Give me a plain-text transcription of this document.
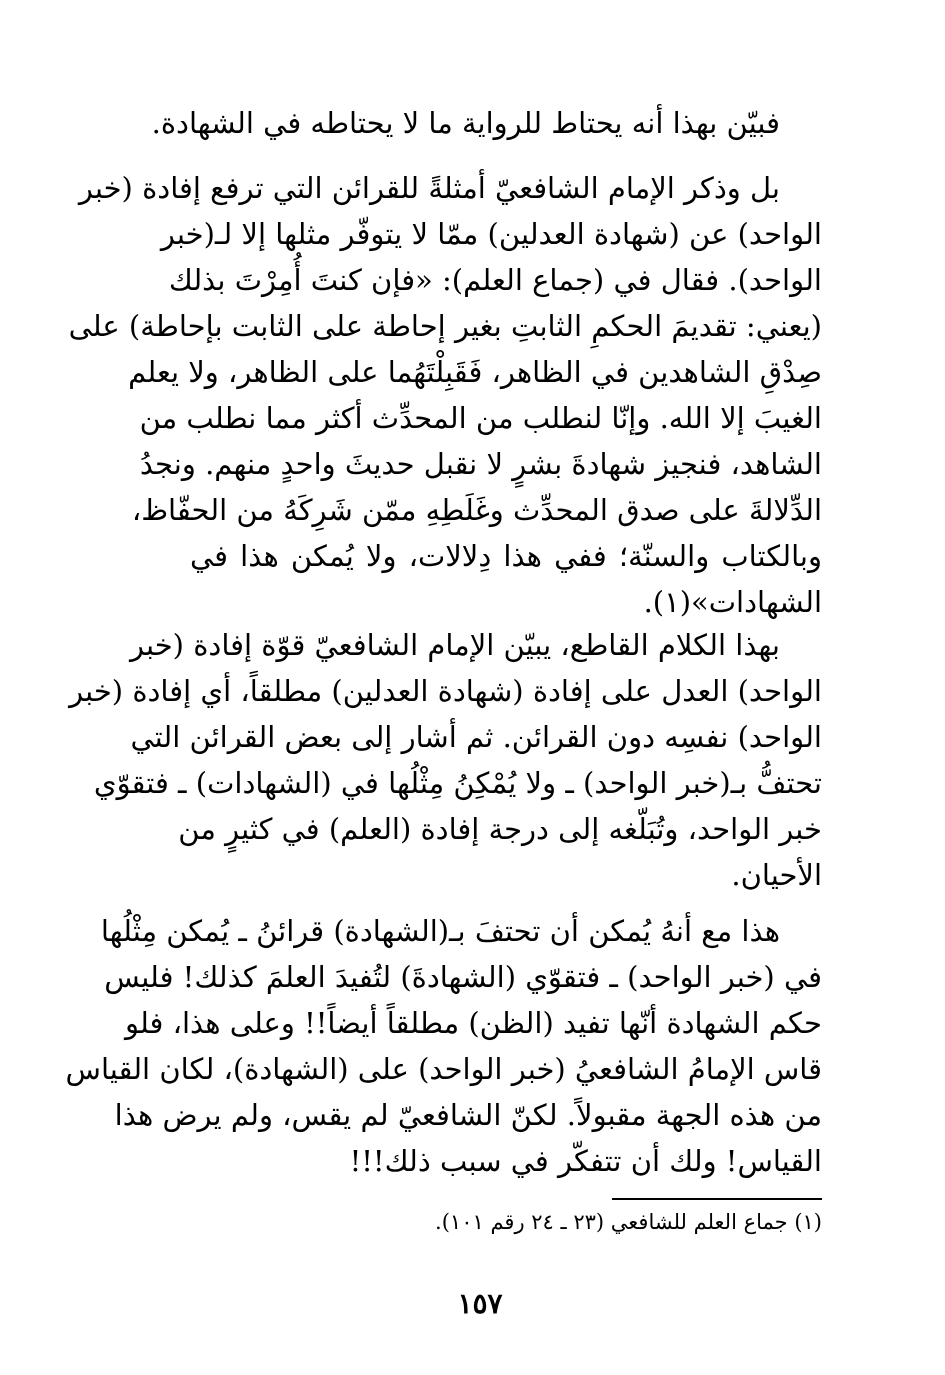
فبيّن بهذا أنه يحتاط للرواية ما لا يحتاطه في الشهادة.
بل وذكر الإمام الشافعيّ أمثلةً للقرائن التي ترفع إفادة (خبر
الواحد) عن (شهادة العدلين) ممّا لا يتوفّر مثلها إلا لـ(خبر
الواحد). فقال في (جماع العلم): «فإن كنتَ أُمِرْتَ بذلك
(يعني: تقديمَ الحكمِ الثابتِ بغير إحاطة على الثابت بإحاطة) على
صِدْقِ الشاهدين في الظاهر، فَقَبِلْتَهُما على الظاهر، ولا يعلم
الغيبَ إلا الله. وإنّا لنطلب من المحدِّث أكثر مما نطلب من
الشاهد، فنجيز شهادةَ بشرٍ لا نقبل حديثَ واحدٍ منهم. ونجدُ
الدِّلالةَ على صدق المحدِّث وغَلَطِهِ ممّن شَرِكَهُ من الحفّاظ،
وبالكتاب والسنّة؛ ففي هذا دِلالات، ولا يُمكن هذا في
الشهادات»(١).
بهذا الكلام القاطع، يبيّن الإمام الشافعيّ قوّة إفادة (خبر
الواحد) العدل على إفادة (شهادة العدلين) مطلقاً، أي إفادة (خبر
الواحد) نفسِه دون القرائن. ثم أشار إلى بعض القرائن التي
تحتفُّ بـ(خبر الواحد) ـ ولا يُمْكِنُ مِثْلُها في (الشهادات) ـ فتقوّي
خبر الواحد، وتُبَلّغه إلى درجة إفادة (العلم) في كثيرٍ من
الأحيان.
هذا مع أنهُ يُمكن أن تحتفَ بـ(الشهادة) قرائنُ ـ يُمكن مِثْلُها
في (خبر الواحد) ـ فتقوّي (الشهادةَ) لتُفيدَ العلمَ كذلك! فليس
حكم الشهادة أنّها تفيد (الظن) مطلقاً أيضاً!! وعلى هذا، فلو
قاس الإمامُ الشافعيُ (خبر الواحد) على (الشهادة)، لكان القياس
من هذه الجهة مقبولاً. لكنّ الشافعيّ لم يقس، ولم يرض هذا
القياس! ولك أن تتفكّر في سبب ذلك!!!
(١) جماع العلم للشافعي (٢٣ ـ ٢٤ رقم ١٠١).
١٥٧
